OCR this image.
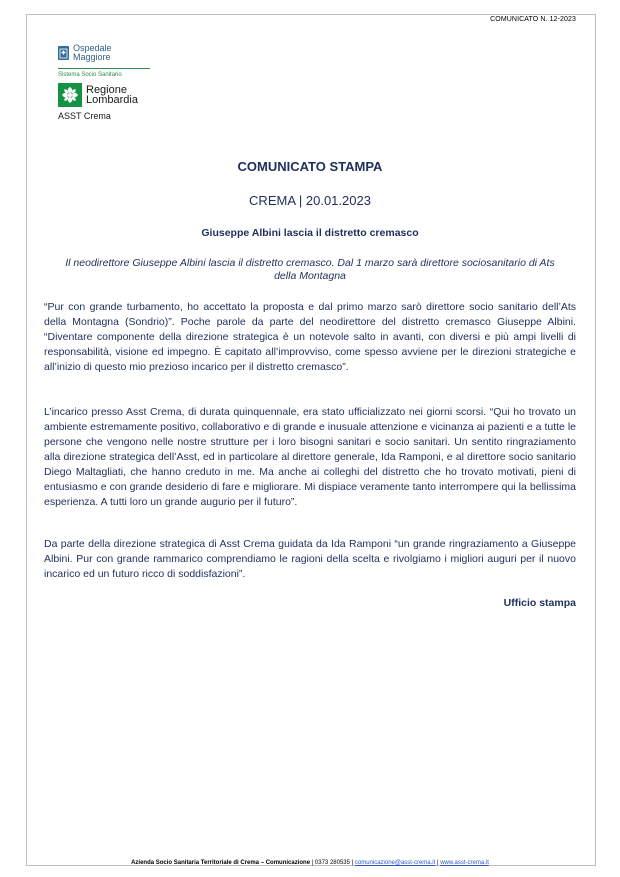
COMUNICATO N. 12-2023
Ospedale
Maggiore
Sistema Socio Sanitario
Regione
Lombardia
ASST Crema
COMUNICATO STAMPA
CREMA | 20.01.2023
Giuseppe Albini lascia il distretto cremasco
Il neodirettore Giuseppe Albini lascia il distretto cremasco. Dal 1 marzo sarà direttore sociosanitario di Ats della Montagna
“Pur con grande turbamento, ho accettato la proposta e dal primo marzo sarò direttore socio sanitario dell’Ats della Montagna (Sondrio)”. Poche parole da parte del neodirettore del distretto cremasco Giuseppe Albini. “Diventare componente della direzione strategica è un notevole salto in avanti, con diversi e più ampi livelli di responsabilità, visione ed impegno. È capitato all’improvviso, come spesso avviene per le direzioni strategiche e all’inizio di questo mio prezioso incarico per il distretto cremasco”.
L’incarico presso Asst Crema, di durata quinquennale, era stato ufficializzato nei giorni scorsi. “Qui ho trovato un ambiente estremamente positivo, collaborativo e di grande e inusuale attenzione e vicinanza ai pazienti e a tutte le persone che vengono nelle nostre strutture per i loro bisogni sanitari e socio sanitari. Un sentito ringraziamento alla direzione strategica dell’Asst, ed in particolare al direttore generale, Ida Ramponi, e al direttore socio sanitario Diego Maltagliati, che hanno creduto in me. Ma anche ai colleghi del distretto che ho trovato motivati, pieni di entusiasmo e con grande desiderio di fare e migliorare. Mi dispiace veramente tanto interrompere qui la bellissima esperienza. A tutti loro un grande augurio per il futuro”.
Da parte della direzione strategica di Asst Crema guidata da Ida Ramponi “un grande ringraziamento a Giuseppe Albini. Pur con grande rammarico comprendiamo le ragioni della scelta e rivolgiamo i migliori auguri per il nuovo incarico ed un futuro ricco di soddisfazioni”.
Ufficio stampa
Azienda Socio Sanitaria Territoriale di Crema – Comunicazione | 0373 280535 | comunicazione@asst-crema.it | www.asst-crema.it
